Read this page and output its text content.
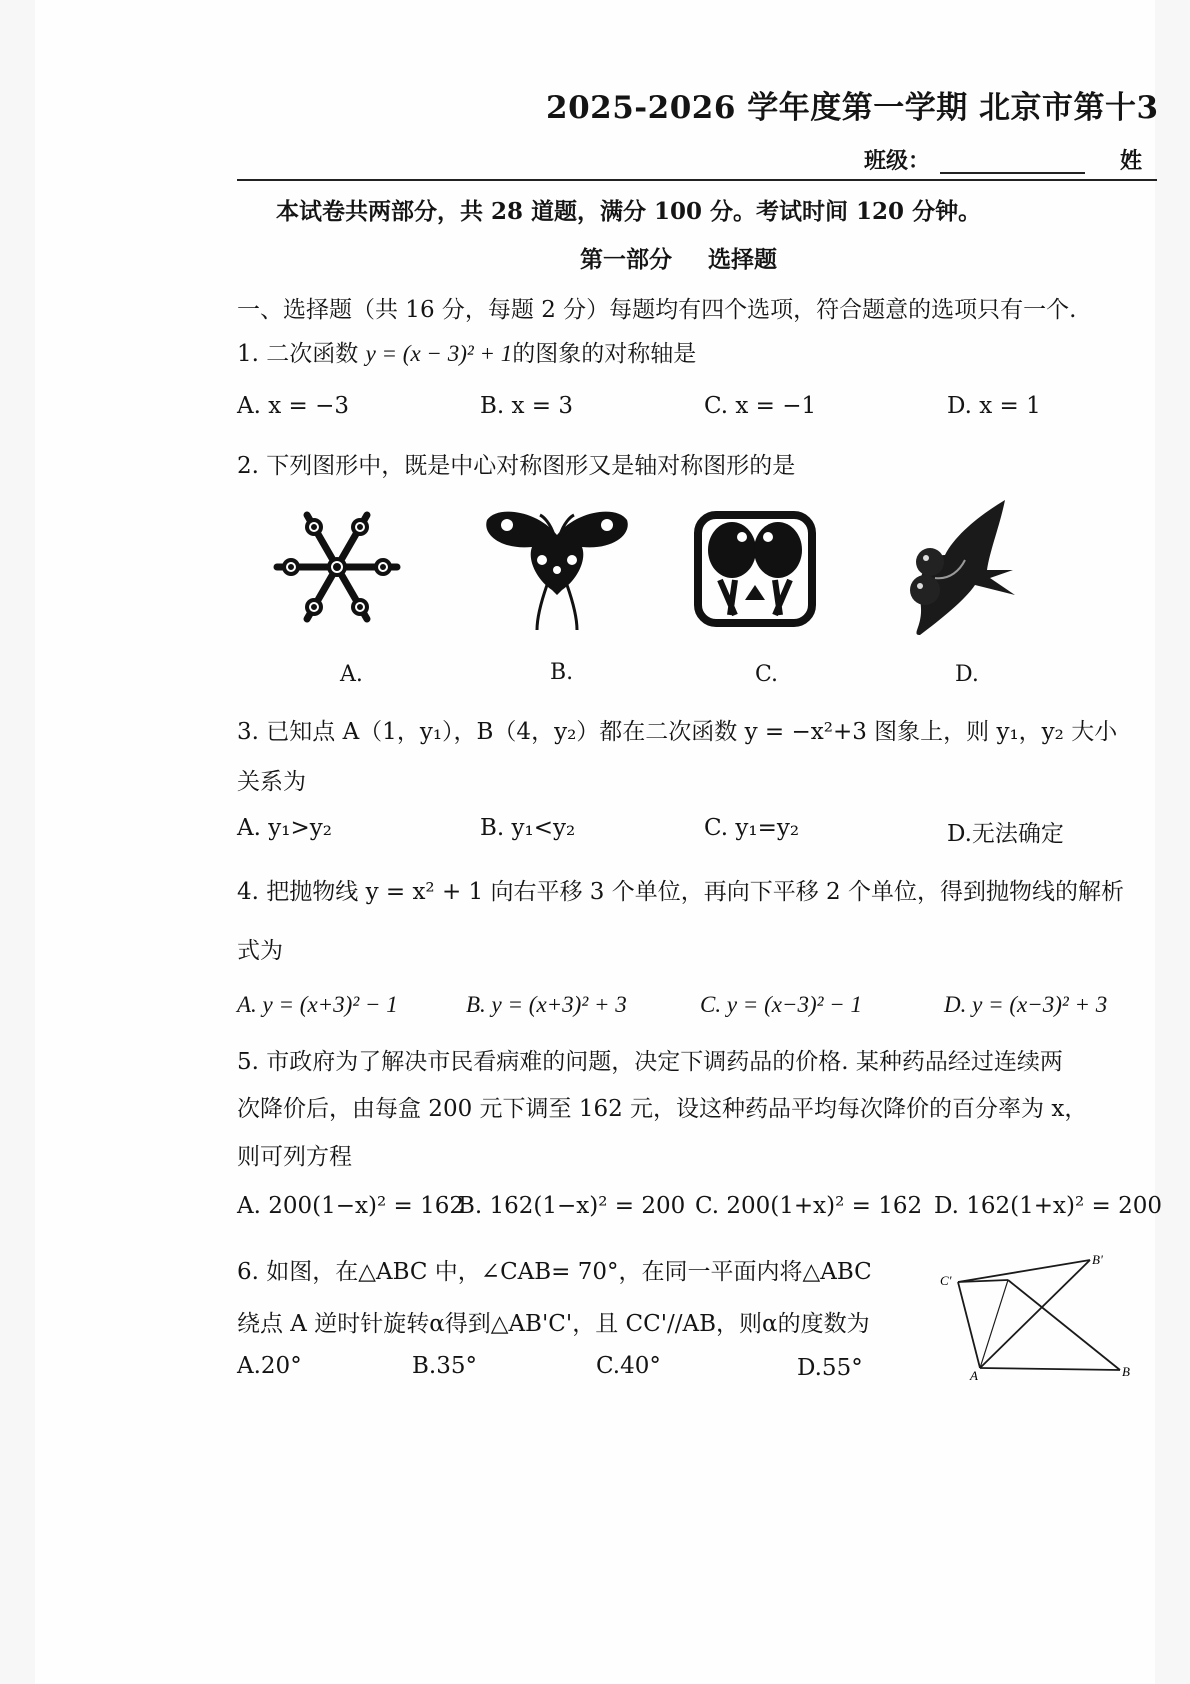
2025-2026 学年度第一学期 北京市第十3
班级：	姓
本试卷共两部分，共 28 道题，满分 100 分。考试时间 120 分钟。
第一部分 选择题
一、选择题（共 16 分，每题 2 分）每题均有四个选项，符合题意的选项只有一个.
1. 二次函数 y = (x − 3)² + 1的图象的对称轴是
A. x = −3	B. x = 3	C. x = −1	D. x = 1
2. 下列图形中，既是中心对称图形又是轴对称图形的是
A.	B.	C.	D.
3. 已知点 A（1，y₁），B（4，y₂）都在二次函数 y = −x²+3 图象上，则 y₁，y₂ 大小
关系为
A. y₁>y₂	B. y₁<y₂	C. y₁=y₂	D.无法确定
4. 把抛物线 y = x² + 1 向右平移 3 个单位，再向下平移 2 个单位，得到抛物线的解析
式为
A. y = (x+3)² − 1	B. y = (x+3)² + 3	C. y = (x−3)² − 1	D. y = (x−3)² + 3
5. 市政府为了解决市民看病难的问题，决定下调药品的价格. 某种药品经过连续两
次降价后，由每盒 200 元下调至 162 元，设这种药品平均每次降价的百分率为 x，
则可列方程
A. 200(1−x)² = 162
B. 162(1−x)² = 200 C. 200(1+x)² = 162 D. 162(1+x)² = 200
6. 如图，在△ABC 中，∠CAB= 70°，在同一平面内将△ABC
绕点 A 逆时针旋转α得到△AB'C'，且 CC'//AB，则α的度数为
A.20°	B.35°	C.40°	D.55°
C'
B'
A	B
